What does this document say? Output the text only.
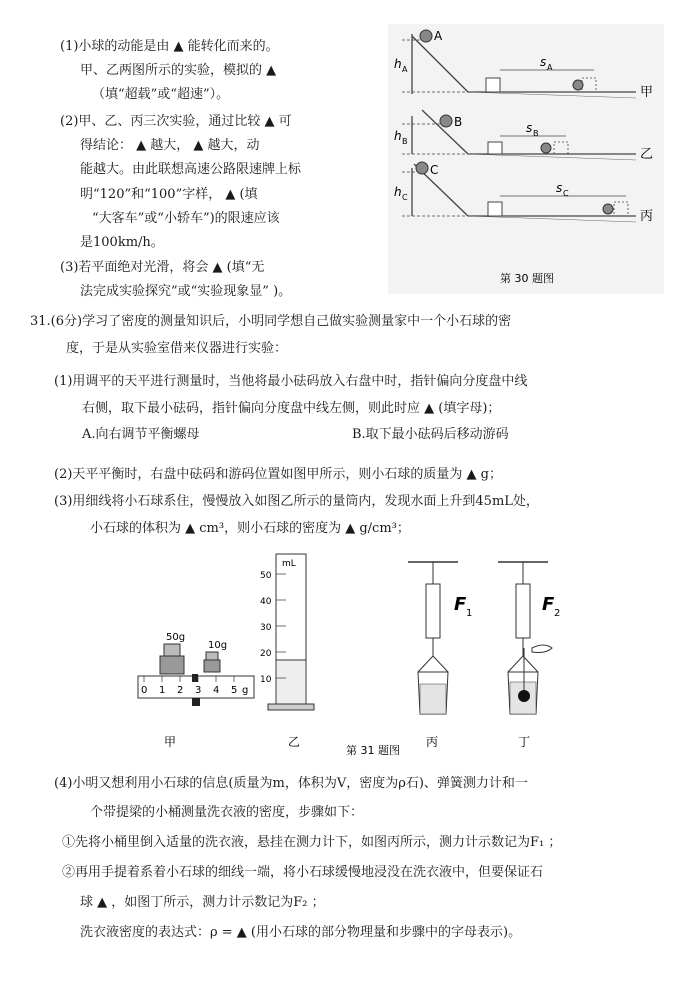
(1)小球的动能是由 ▲ 能转化而来的。
甲、乙两图所示的实验，模拟的 ▲
（填“超载”或“超速”）。
(2)甲、乙、丙三次实验，通过比较 ▲ 可
得结论： ▲ 越大， ▲ 越大，动
能越大。由此联想高速公路限速牌上标
明“120”和“100”字样， ▲ (填
“大客车”或“小轿车”)的限速应该
是100km/h。
(3)若平面绝对光滑，将会 ▲ (填“无
法完成实验探究”或“实验现象显” )。
A
B
C
h A
h B
h C
s A
s B
s C
甲
乙
丙
第 30 题图
31.(6分)学习了密度的测量知识后，小明同学想自己做实验测量家中一个小石球的密
度，于是从实验室借来仪器进行实验：
(1)用调平的天平进行测量时，当他将最小砝码放入右盘中时，指针偏向分度盘中线
右侧，取下最小砝码，指针偏向分度盘中线左侧，则此时应 ▲ (填字母)；
A.向右调节平衡螺母	B.取下最小砝码后移动游码
(2)天平平衡时，右盘中砝码和游码位置如图甲所示，则小石球的质量为 ▲ g；
(3)用细线将小石球系住，慢慢放入如图乙所示的量筒内，发现水面上升到45mL处，
小石球的体积为 ▲ cm³，则小石球的密度为 ▲ g/cm³；
50g
10g
0 1 2 3 4 5 g
mL
50
40
30
20
10
F 1	F 2
甲	乙	丙	丁
第 31 题图
(4)小明又想利用小石球的信息(质量为m，体积为V，密度为ρ石)、弹簧测力计和一
个带提梁的小桶测量洗衣液的密度，步骤如下：
①先将小桶里倒入适量的洗衣液，悬挂在测力计下，如图丙所示，测力计示数记为F₁ ；
②再用手提着系着小石球的细线一端，将小石球缓慢地浸没在洗衣液中，但要保证石
球 ▲ ，如图丁所示，测力计示数记为F₂ ；
洗衣液密度的表达式：ρ = ▲ (用小石球的部分物理量和步骤中的字母表示)。
